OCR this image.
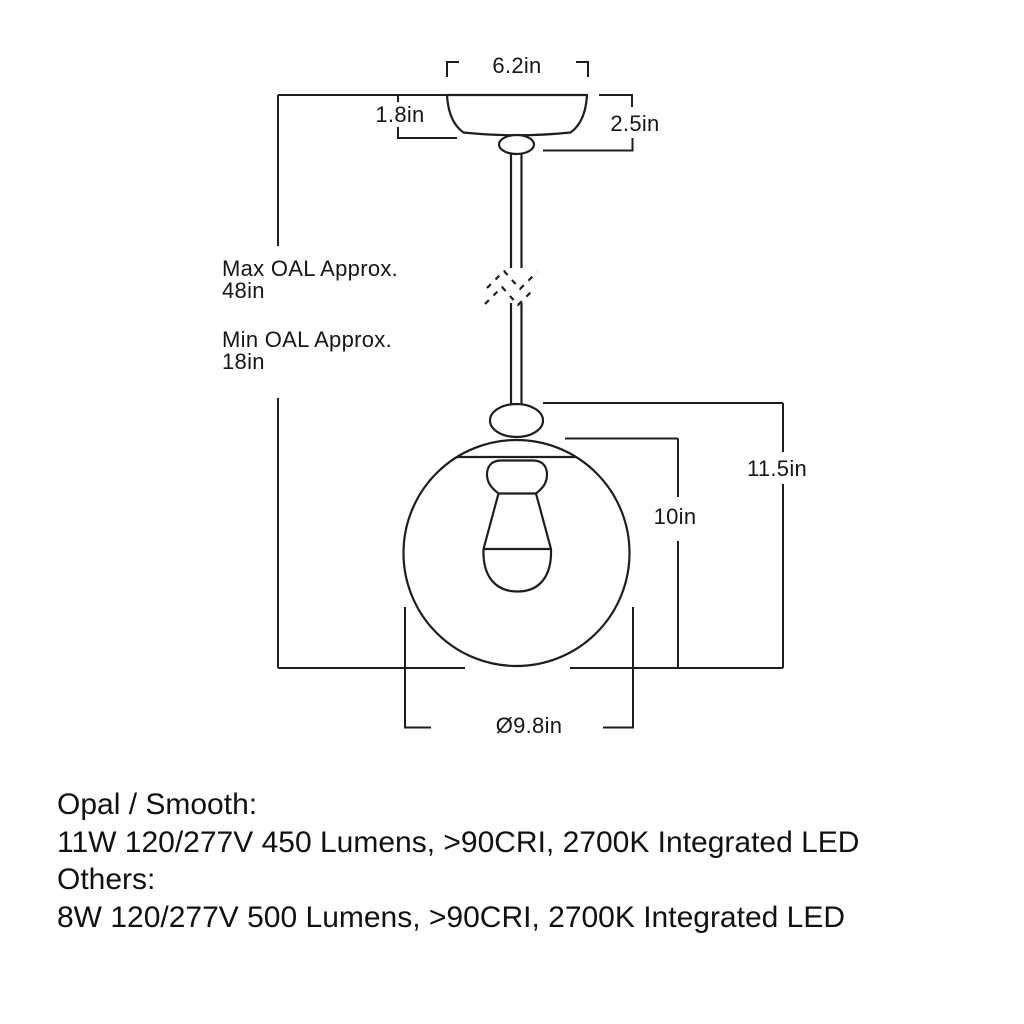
6.2in
1.8in	2.5in
Max OAL Approx.
48in
Min OAL Approx.
18in
11.5in
10in
Ø9.8in
Opal / Smooth:
11W 120/277V 450 Lumens, >90CRI, 2700K Integrated LED
Others:
8W 120/277V 500 Lumens, >90CRI, 2700K Integrated LED
